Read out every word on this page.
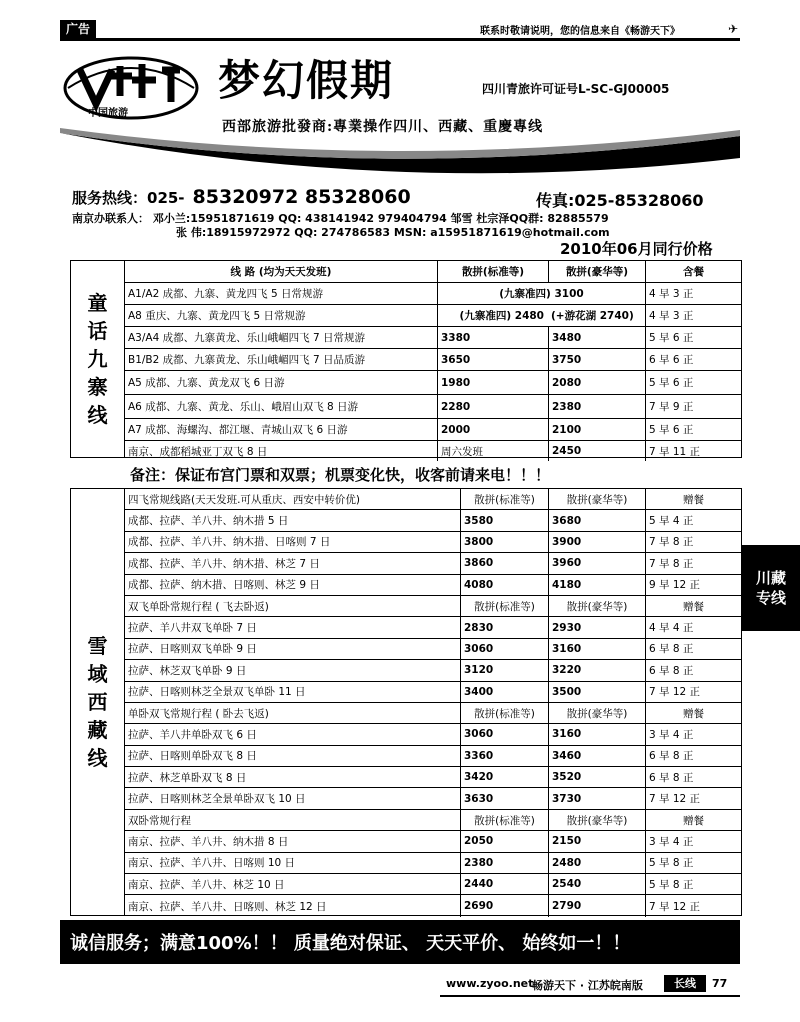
广告	联系时敬请说明，您的信息来自《畅游天下》	✈
中国旅游
梦幻假期	四川青旅许可证号L-SC-GJ00005
西部旅游批發商:專業操作四川、西藏、重慶專线
服务热线：025- 85320972 85328060	传真:025-85328060
南京办联系人： 邓小兰:15951871619 QQ: 438141942 979404794 邹雪 杜宗泽QQ群: 82885579
张 伟:18915972972 QQ: 274786583 MSN: a15951871619@hotmail.com
2010年06月同行价格
童
话
九
寨
线
线 路 (均为天天发班)	散拼(标准等)	散拼(豪华等)	含餐
A1/A2 成都、九寨、黄龙四飞 5 日常规游	(九寨准四) 3100	4 早 3 正
A8 重庆、九寨、黄龙四飞 5 日常规游	(九寨准四) 2480 (+游花湖 2740)	4 早 3 正
A3/A4 成都、九寨黄龙、乐山峨嵋四飞 7 日常规游	3380	3480	5 早 6 正
B1/B2 成都、九寨黄龙、乐山峨嵋四飞 7 日品质游	3650	3750	6 早 6 正
A5 成都、九寨、黄龙双飞 6 日游	1980	2080	5 早 6 正
A6 成都、九寨、黄龙、乐山、峨眉山双飞 8 日游	2280	2380	7 早 9 正
A7 成都、海螺沟、都江堰、青城山双飞 6 日游	2000	2100	5 早 6 正
南京、成都稻城亚丁双飞 8 日	周六发班	2450	7 早 11 正
备注：保证布宫门票和双票；机票变化快，收客前请来电！！！
雪
域
西
藏
线
四飞常规线路(天天发班.可从重庆、西安中转价优)	散拼(标准等)	散拼(豪华等)	赠餐
成都、拉萨、羊八井、纳木措 5 日	3580	3680	5 早 4 正
成都、拉萨、羊八井、纳木措、日喀则 7 日	3800	3900	7 早 8 正
成都、拉萨、羊八井、纳木措、林芝 7 日	3860	3960	7 早 8 正
成都、拉萨、纳木措、日喀则、林芝 9 日	4080	4180	9 早 12 正
双飞单卧常规行程 ( 飞去卧返)	散拼(标准等)	散拼(豪华等)	赠餐
拉萨、羊八井双飞单卧 7 日	2830	2930	4 早 4 正
拉萨、日喀则双飞单卧 9 日	3060	3160	6 早 8 正
拉萨、林芝双飞单卧 9 日	3120	3220	6 早 8 正
拉萨、日喀则林芝全景双飞单卧 11 日	3400	3500	7 早 12 正
单卧双飞常规行程 ( 卧去飞返)	散拼(标准等)	散拼(豪华等)	赠餐
拉萨、羊八井单卧双飞 6 日	3060	3160	3 早 4 正
拉萨、日喀则单卧双飞 8 日	3360	3460	6 早 8 正
拉萨、林芝单卧双飞 8 日	3420	3520	6 早 8 正
拉萨、日喀则林芝全景单卧双飞 10 日	3630	3730	7 早 12 正
双卧常规行程	散拼(标准等)	散拼(豪华等)	赠餐
南京、拉萨、羊八井、纳木措 8 日	2050	2150	3 早 4 正
南京、拉萨、羊八井、日喀则 10 日	2380	2480	5 早 8 正
南京、拉萨、羊八井、林芝 10 日	2440	2540	5 早 8 正
南京、拉萨、羊八井、日喀则、林芝 12 日	2690	2790	7 早 12 正
川藏
专线
诚信服务；满意100%！！ 质量绝对保证、 天天平价、 始终如一！！
www.zyoo.net
畅游天下 · 江苏皖南版	长线	77
